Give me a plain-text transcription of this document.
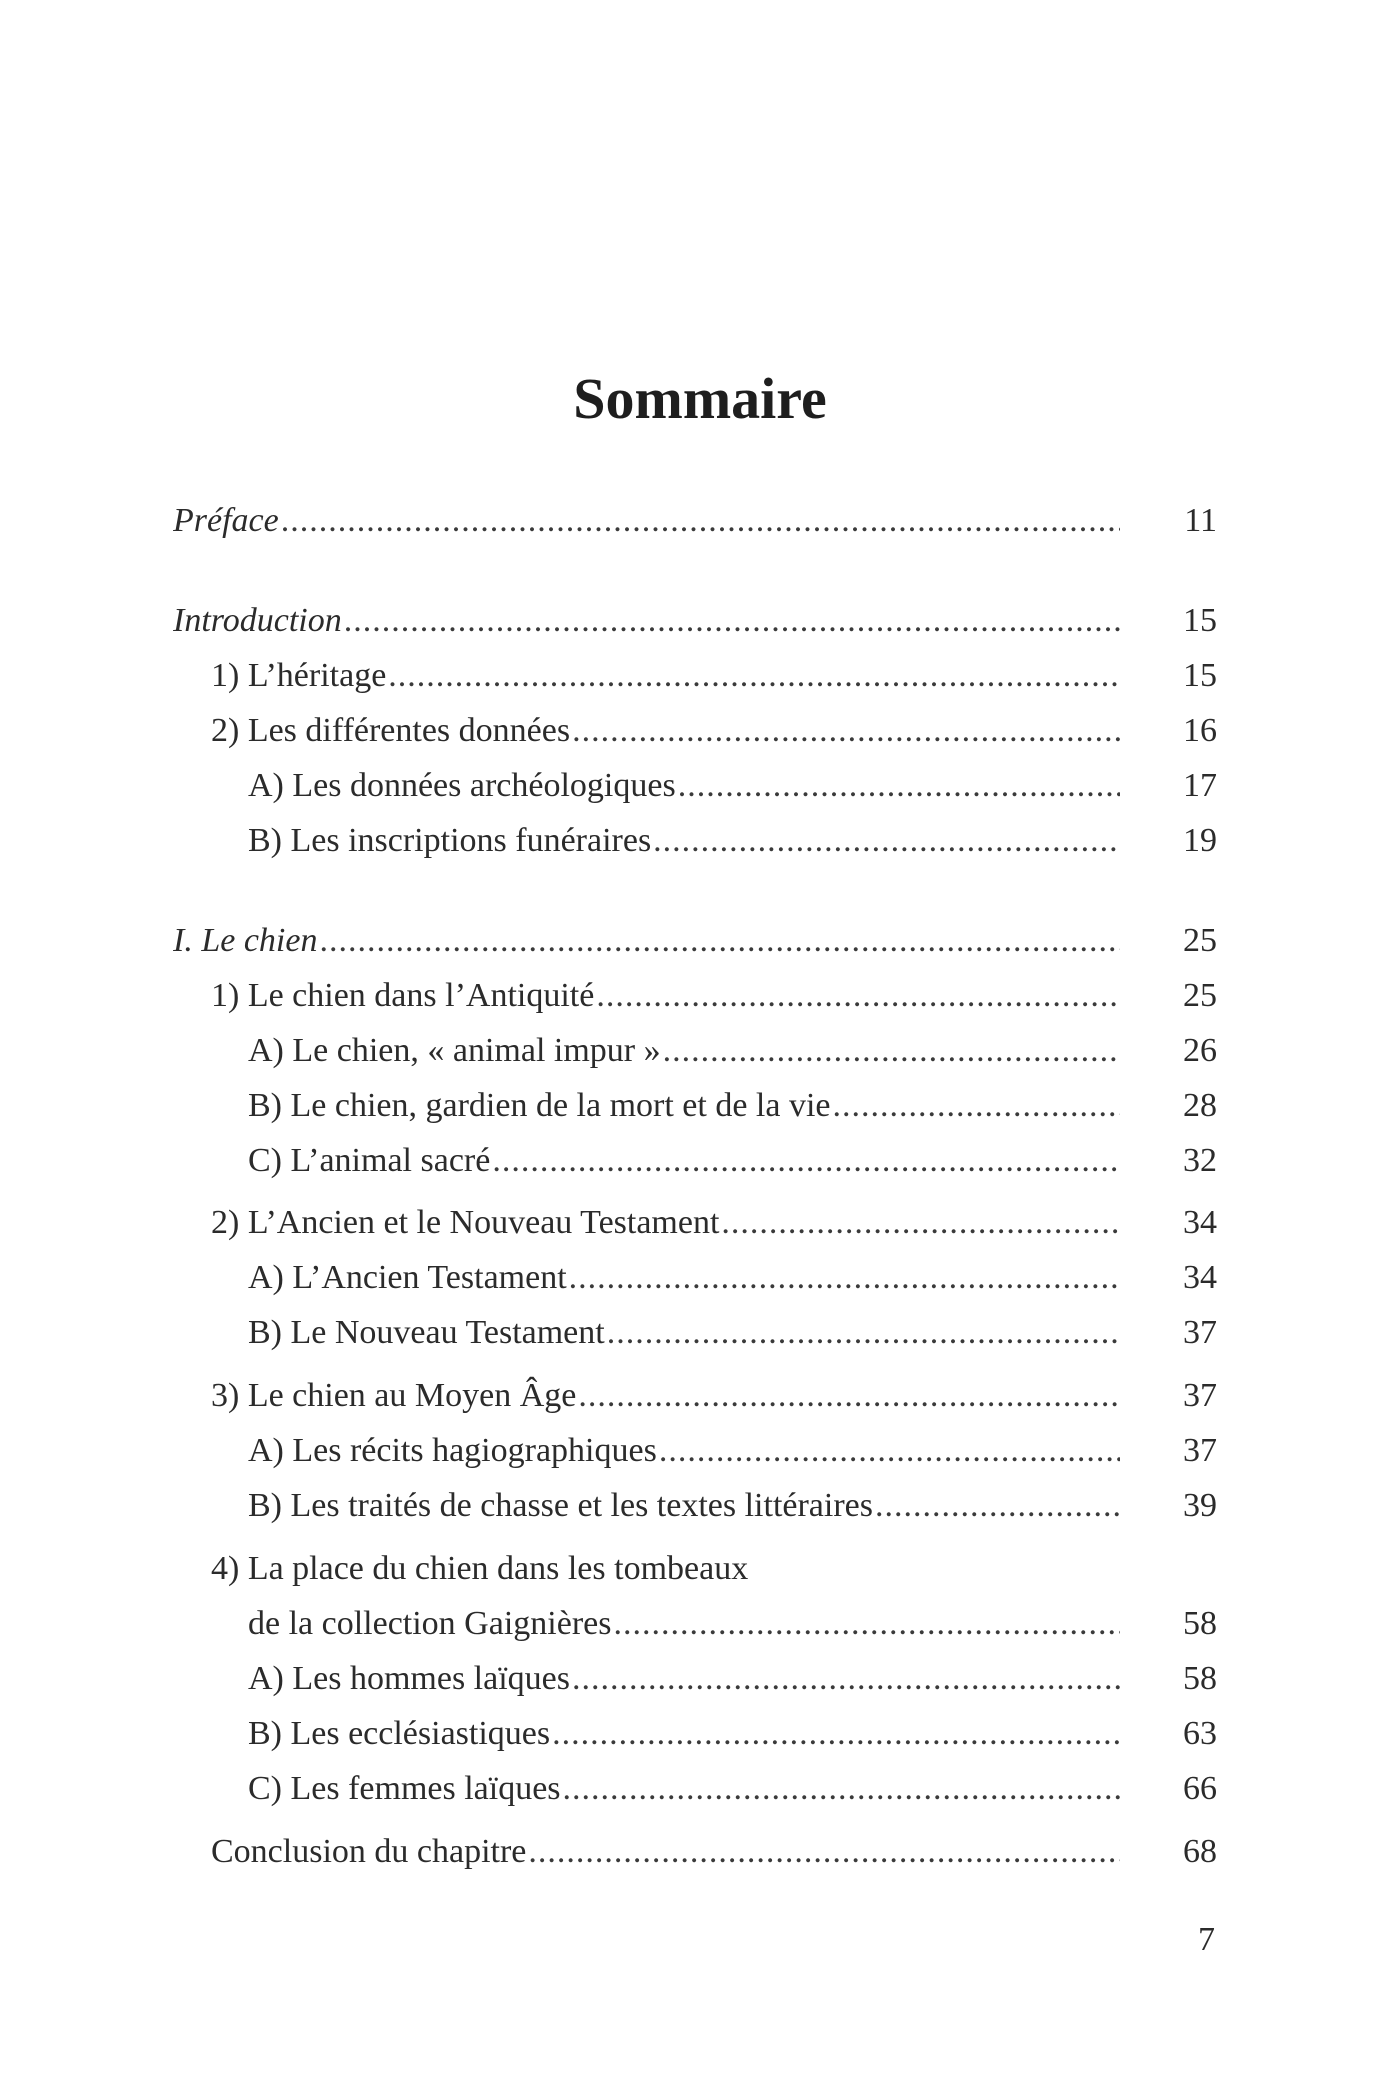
Sommaire
Préface .....	11
Introduction .....	15
1) L’héritage .....	15
2) Les différentes données .....	16
A) Les données archéologiques .....	17
B) Les inscriptions funéraires .....	19
I. Le chien .....	25
1) Le chien dans l’Antiquité .....	25
A) Le chien, « animal impur » .....	26
B) Le chien, gardien de la mort et de la vie .....	28
C) L’animal sacré .....	32
2) L’Ancien et le Nouveau Testament .....	34
A) L’Ancien Testament .....	34
B) Le Nouveau Testament .....	37
3) Le chien au Moyen Âge .....	37
A) Les récits hagiographiques .....	37
B) Les traités de chasse et les textes littéraires .....	39
4) La place du chien dans les tombeaux
de la collection Gaignières .....	58
A) Les hommes laïques .....	58
B) Les ecclésiastiques .....	63
C) Les femmes laïques .....	66
Conclusion du chapitre .....	68
7
